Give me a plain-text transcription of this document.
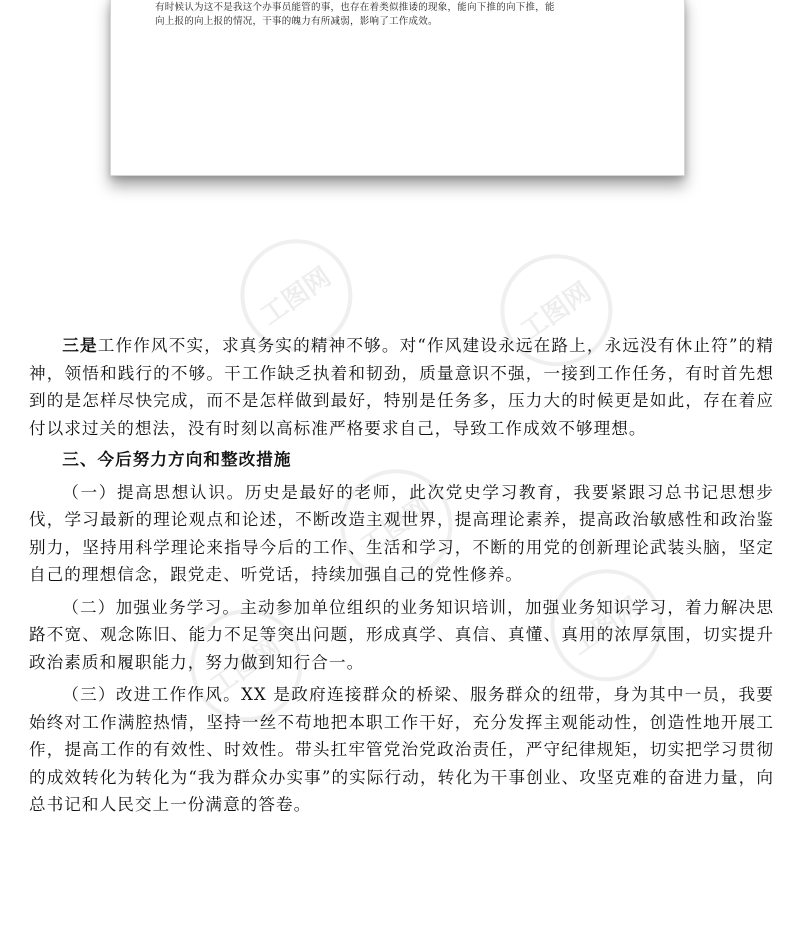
有时候认为这不是我这个办事员能管的事，也存在着类似推诿的现象，能向下推的向下推，能
向上报的向上报的情况，干事的魄力有所减弱，影响了工作成效。
工图网	工图网
工图网
工图网
工图网

三是工作作风不实，求真务实的精神不够。对“作风建设永远在路上，永远没有休止符”的精神，领悟和践行的不够。干工作缺乏执着和韧劲，质量意识不强，一接到工作任务，有时首先想到的是怎样尽快完成，而不是怎样做到最好，特别是任务多，压力大的时候更是如此，存在着应付以求过关的想法，没有时刻以高标准严格要求自己，导致工作成效不够理想。

三、今后努力方向和整改措施

（一）提高思想认识。历史是最好的老师，此次党史学习教育，我要紧跟习总书记思想步伐，学习最新的理论观点和论述，不断改造主观世界，提高理论素养，提高政治敏感性和政治鉴别力，坚持用科学理论来指导今后的工作、生活和学习，不断的用党的创新理论武装头脑，坚定自己的理想信念，跟党走、听党话，持续加强自己的党性修养。

（二）加强业务学习。主动参加单位组织的业务知识培训，加强业务知识学习，着力解决思路不宽、观念陈旧、能力不足等突出问题，形成真学、真信、真懂、真用的浓厚氛围，切实提升政治素质和履职能力，努力做到知行合一。

（三）改进工作作风。XX 是政府连接群众的桥梁、服务群众的纽带，身为其中一员，我要始终对工作满腔热情，坚持一丝不苟地把本职工作干好，充分发挥主观能动性，创造性地开展工作，提高工作的有效性、时效性。带头扛牢管党治党政治责任，严守纪律规矩，切实把学习贯彻的成效转化为转化为“我为群众办实事”的实际行动，转化为干事创业、攻坚克难的奋进力量，向总书记和人民交上一份满意的答卷。
